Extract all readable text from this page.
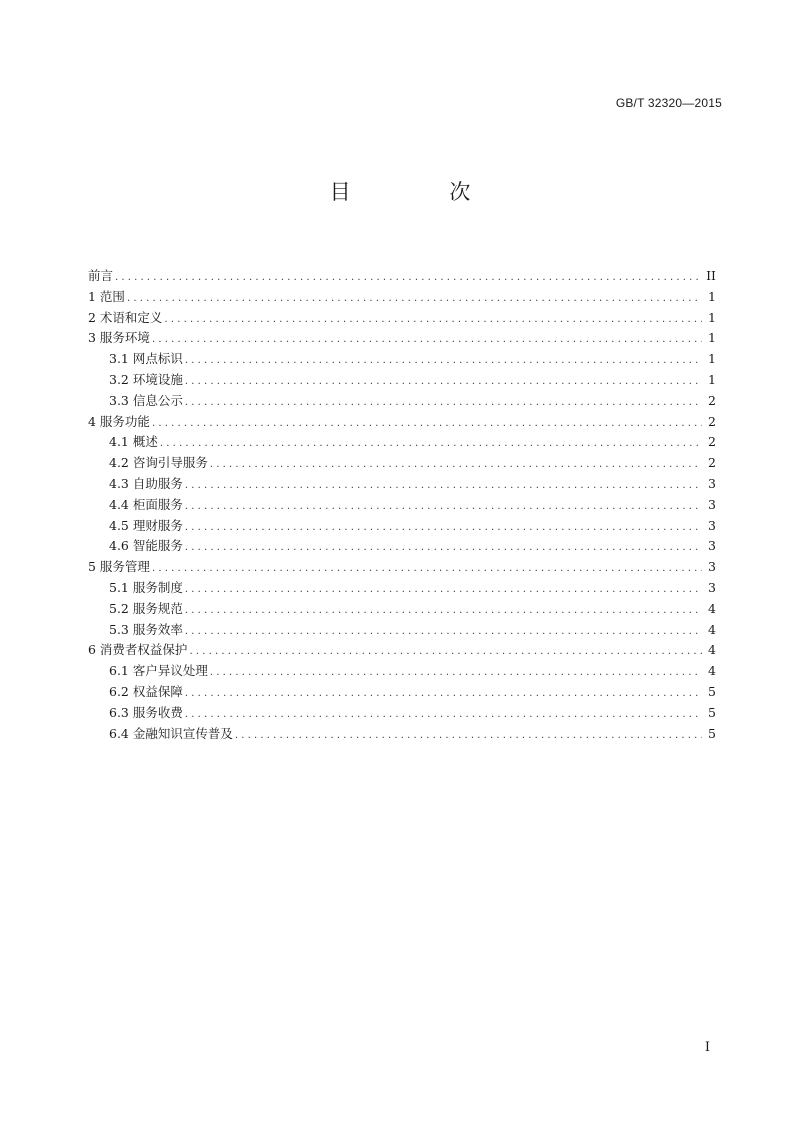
GB/T 32320—2015
目 次
前言 .....	II
1 范围 .....	1
2 术语和定义 .....	1
3 服务环境 .....	1
3.1 网点标识 .....	1
3.2 环境设施 .....	1
3.3 信息公示 .....	2
4 服务功能 .....	2
4.1 概述 .....	2
4.2 咨询引导服务 .....	2
4.3 自助服务 .....	3
4.4 柜面服务 .....	3
4.5 理财服务 .....	3
4.6 智能服务 .....	3
5 服务管理 .....	3
5.1 服务制度 .....	3
5.2 服务规范 .....	4
5.3 服务效率 .....	4
6 消费者权益保护 .....	4
6.1 客户异议处理 .....	4
6.2 权益保障 .....	5
6.3 服务收费 .....	5
6.4 金融知识宣传普及 .....	5
I
